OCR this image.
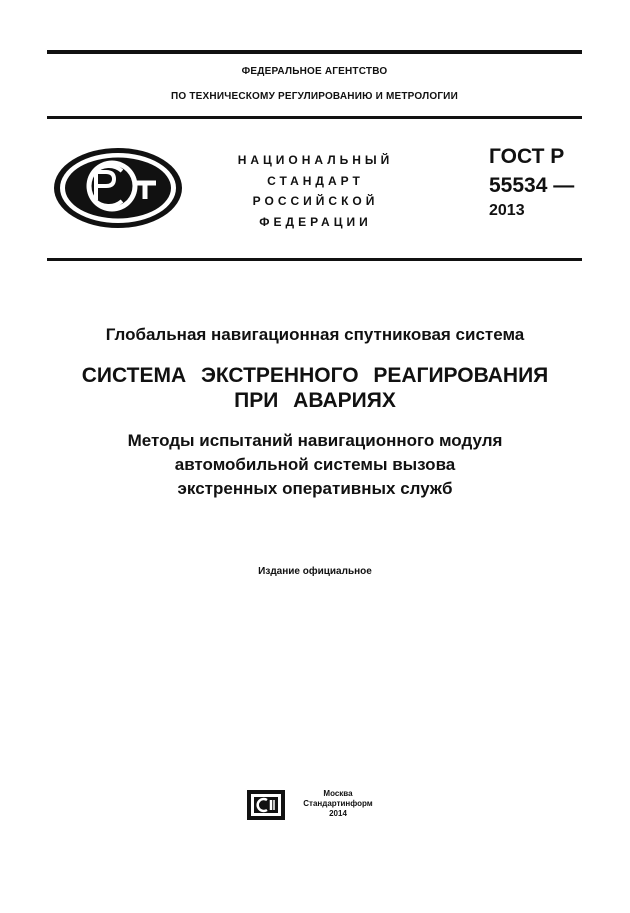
ФЕДЕРАЛЬНОЕ АГЕНТСТВО
ПО ТЕХНИЧЕСКОМУ РЕГУЛИРОВАНИЮ И МЕТРОЛОГИИ
НАЦИОНАЛЬНЫЙ
СТАНДАРТ
РОССИЙСКОЙ
ФЕДЕРАЦИИ
ГОСТ Р
55534 —
2013
Глобальная навигационная спутниковая система
СИСТЕМА ЭКСТРЕННОГО РЕАГИРОВАНИЯ
ПРИ АВАРИЯХ
Методы испытаний навигационного модуля
автомобильной системы вызова
экстренных оперативных служб
Издание официальное
Москва
Стандартинформ
2014
